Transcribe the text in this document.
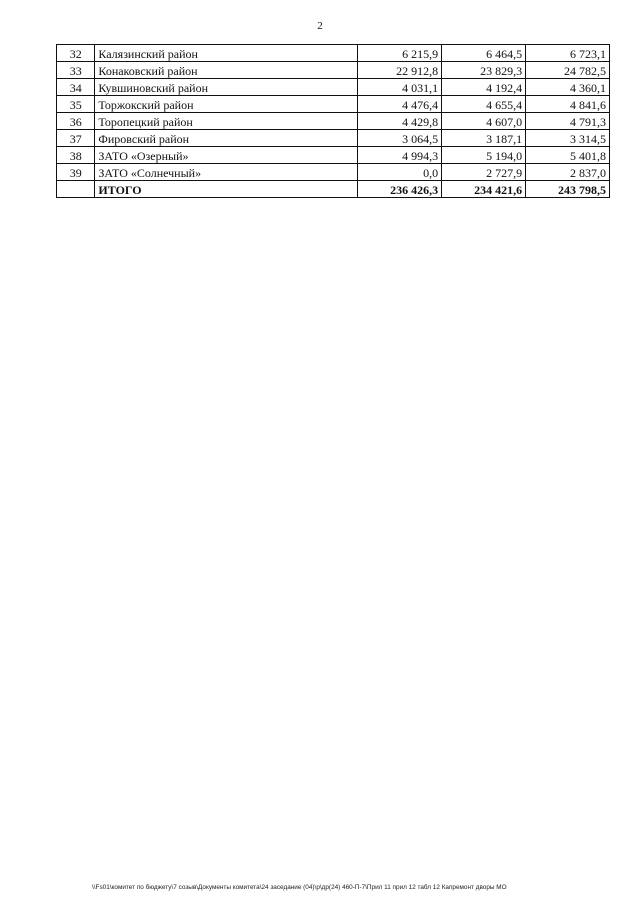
2
32	Калязинский район	6 215,9	6 464,5	6 723,1
33	Конаковский район	22 912,8	23 829,3	24 782,5
34	Кувшиновский район	4 031,1	4 192,4	4 360,1
35	Торжокский район	4 476,4	4 655,4	4 841,6
36	Торопецкий район	4 429,8	4 607,0	4 791,3
37	Фировский район	3 064,5	3 187,1	3 314,5
38	ЗАТО «Озерный»	4 994,3	5 194,0	5 401,8
39	ЗАТО «Солнечный»	0,0	2 727,9	2 837,0
	ИТОГО	236 426,3	234 421,6	243 798,5
\\Fs01\комитет по бюджету\7 созыв\Документы комитета\24 заседание (04)\р\др(24) 460-П-7\Прил 11 прил 12 табл 12 Капремонт дворы МО
